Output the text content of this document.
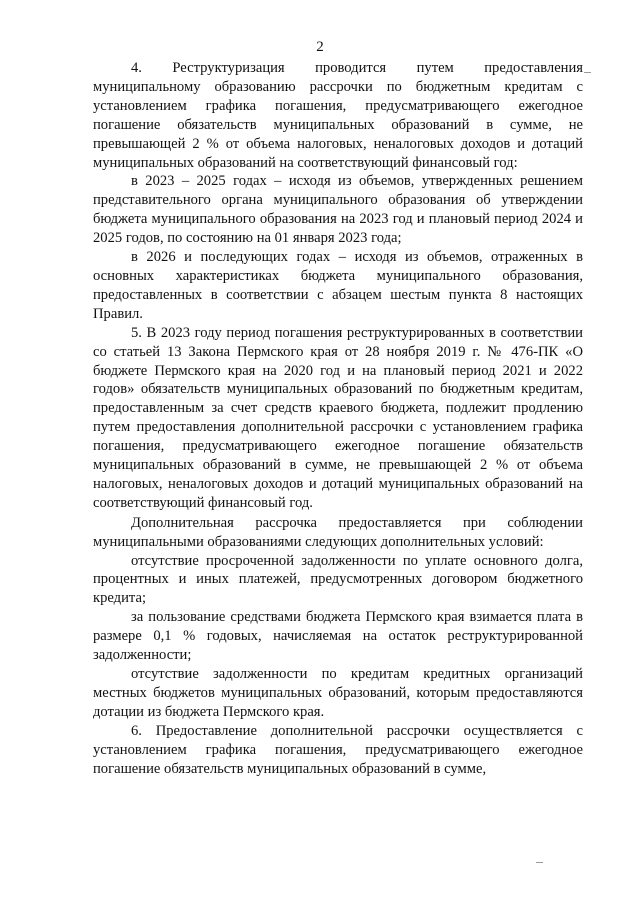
2

4. Реструктуризация проводится путем предоставления муниципальному образованию рассрочки по бюджетным кредитам с установлением графика погашения, предусматривающего ежегодное погашение обязательств муниципальных образований в сумме, не превышающей 2 % от объема налоговых, неналоговых доходов и дотаций муниципальных образований на соответствующий финансовый год:

в 2023 – 2025 годах – исходя из объемов, утвержденных решением представительного органа муниципального образования об утверждении бюджета муниципального образования на 2023 год и плановый период 2024 и 2025 годов, по состоянию на 01 января 2023 года;

в 2026 и последующих годах – исходя из объемов, отраженных в основных характеристиках бюджета муниципального образования, предоставленных в соответствии с абзацем шестым пункта 8 настоящих Правил.

5. В 2023 году период погашения реструктурированных в соответствии со статьей 13 Закона Пермского края от 28 ноября 2019 г. № 476-ПК «О бюджете Пермского края на 2020 год и на плановый период 2021 и 2022 годов» обязательств муниципальных образований по бюджетным кредитам, предоставленным за счет средств краевого бюджета, подлежит продлению путем предоставления дополнительной рассрочки с установлением графика погашения, предусматривающего ежегодное погашение обязательств муниципальных образований в сумме, не превышающей 2 % от объема налоговых, неналоговых доходов и дотаций муниципальных образований на соответствующий финансовый год.

Дополнительная рассрочка предоставляется при соблюдении муниципальными образованиями следующих дополнительных условий:

отсутствие просроченной задолженности по уплате основного долга, процентных и иных платежей, предусмотренных договором бюджетного кредита;

за пользование средствами бюджета Пермского края взимается плата в размере 0,1 % годовых, начисляемая на остаток реструктурированной задолженности;

отсутствие задолженности по кредитам кредитных организаций местных бюджетов муниципальных образований, которым предоставляются дотации из бюджета Пермского края.

6. Предоставление дополнительной рассрочки осуществляется с установлением графика погашения, предусматривающего ежегодное погашение обязательств муниципальных образований в сумме,
